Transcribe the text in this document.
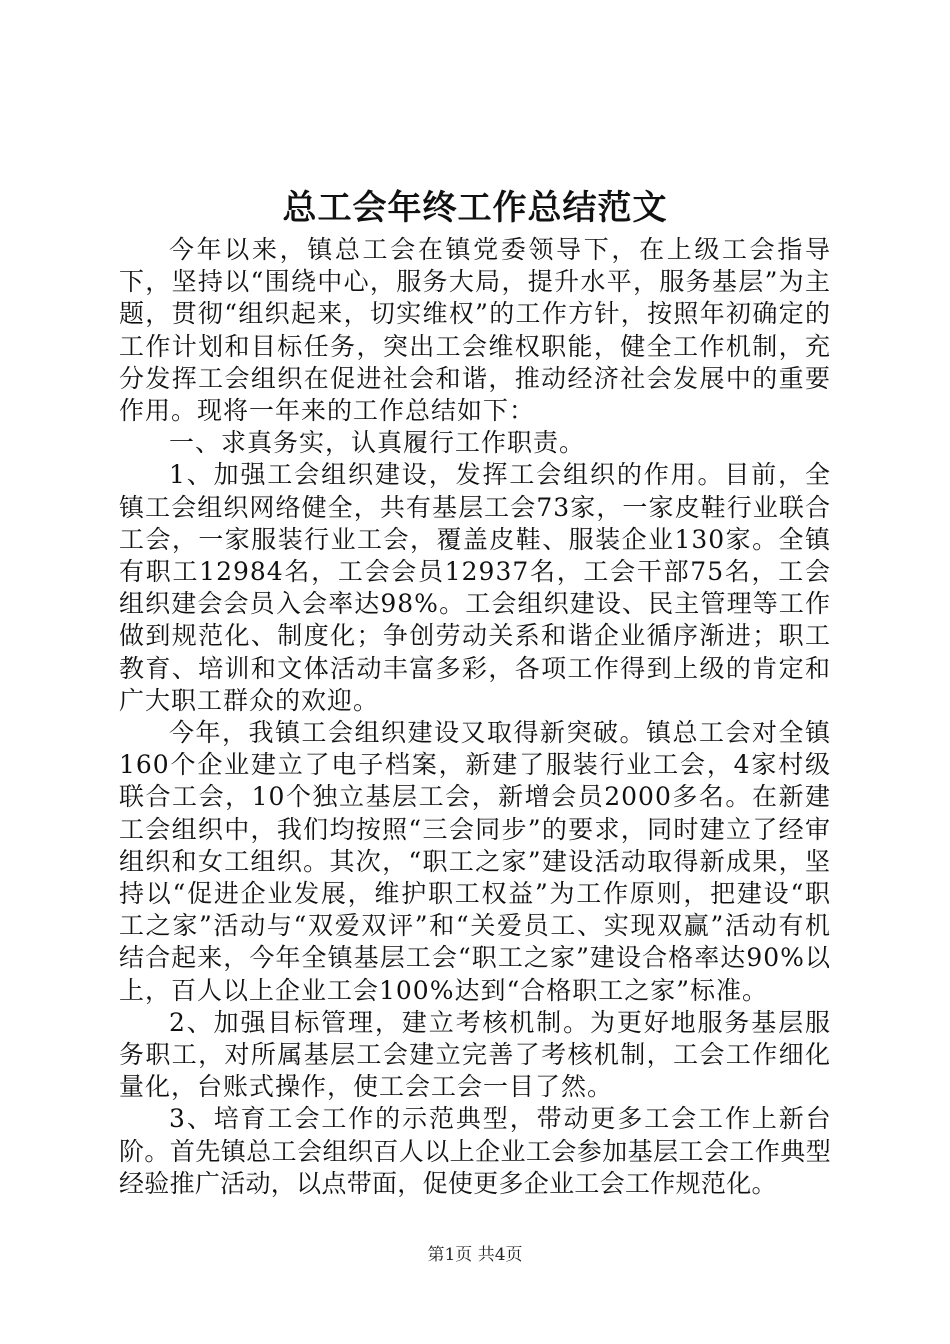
总工会年终工作总结范文

今年以来，镇总工会在镇党委领导下，在上级工会指导下，坚持以“围绕中心，服务大局，提升水平，服务基层”为主题，贯彻“组织起来，切实维权”的工作方针，按照年初确定的工作计划和目标任务，突出工会维权职能，健全工作机制，充分发挥工会组织在促进社会和谐，推动经济社会发展中的重要作用。现将一年来的工作总结如下：

一、求真务实，认真履行工作职责。

1、加强工会组织建设，发挥工会组织的作用。目前，全镇工会组织网络健全，共有基层工会73家，一家皮鞋行业联合工会，一家服装行业工会，覆盖皮鞋、服装企业130家。全镇有职工12984名，工会会员12937名，工会干部75名，工会组织建会会员入会率达98%。工会组织建设、民主管理等工作做到规范化、制度化；争创劳动关系和谐企业循序渐进；职工教育、培训和文体活动丰富多彩，各项工作得到上级的肯定和广大职工群众的欢迎。

今年，我镇工会组织建设又取得新突破。镇总工会对全镇160个企业建立了电子档案，新建了服装行业工会，4家村级联合工会，10个独立基层工会，新增会员2000多名。在新建工会组织中，我们均按照“三会同步”的要求，同时建立了经审组织和女工组织。其次，“职工之家”建设活动取得新成果，坚持以“促进企业发展，维护职工权益”为工作原则，把建设“职工之家”活动与“双爱双评”和“关爱员工、实现双赢”活动有机结合起来，今年全镇基层工会“职工之家”建设合格率达90%以上，百人以上企业工会100%达到“合格职工之家”标准。

2、加强目标管理，建立考核机制。为更好地服务基层服务职工，对所属基层工会建立完善了考核机制，工会工作细化量化，台账式操作，使工会工会一目了然。

3、培育工会工作的示范典型，带动更多工会工作上新台阶。首先镇总工会组织百人以上企业工会参加基层工会工作典型经验推广活动，以点带面，促使更多企业工会工作规范化。

第1页 共4页
